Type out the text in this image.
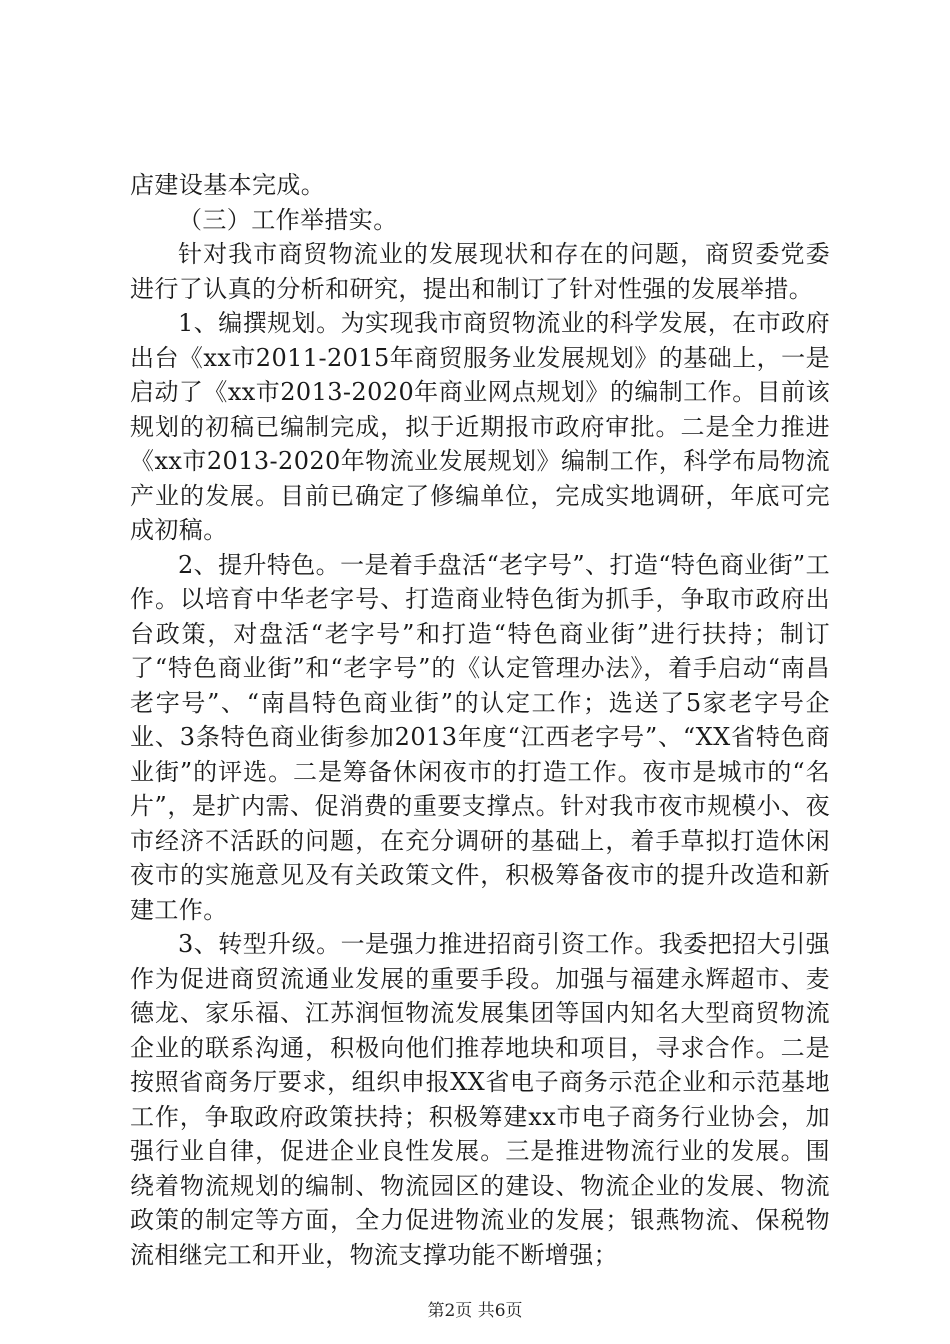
店建设基本完成。

（三）工作举措实。

针对我市商贸物流业的发展现状和存在的问题，商贸委党委进行了认真的分析和研究，提出和制订了针对性强的发展举措。

1、编撰规划。为实现我市商贸物流业的科学发展，在市政府出台《xx市2011-2015年商贸服务业发展规划》的基础上，一是启动了《xx市2013-2020年商业网点规划》的编制工作。目前该规划的初稿已编制完成，拟于近期报市政府审批。二是全力推进《xx市2013-2020年物流业发展规划》编制工作，科学布局物流产业的发展。目前已确定了修编单位，完成实地调研，年底可完成初稿。

2、提升特色。一是着手盘活“老字号”、打造“特色商业街”工作。以培育中华老字号、打造商业特色街为抓手，争取市政府出台政策，对盘活“老字号”和打造“特色商业街”进行扶持；制订了“特色商业街”和“老字号”的《认定管理办法》，着手启动“南昌老字号”、“南昌特色商业街”的认定工作；选送了5家老字号企业、3条特色商业街参加2013年度“江西老字号”、“XX省特色商业街”的评选。二是筹备休闲夜市的打造工作。夜市是城市的“名片”，是扩内需、促消费的重要支撑点。针对我市夜市规模小、夜市经济不活跃的问题，在充分调研的基础上，着手草拟打造休闲夜市的实施意见及有关政策文件，积极筹备夜市的提升改造和新建工作。

3、转型升级。一是强力推进招商引资工作。我委把招大引强作为促进商贸流通业发展的重要手段。加强与福建永辉超市、麦德龙、家乐福、江苏润恒物流发展集团等国内知名大型商贸物流企业的联系沟通，积极向他们推荐地块和项目，寻求合作。二是按照省商务厅要求，组织申报XX省电子商务示范企业和示范基地工作，争取政府政策扶持；积极筹建xx市电子商务行业协会，加强行业自律，促进企业良性发展。三是推进物流行业的发展。围绕着物流规划的编制、物流园区的建设、物流企业的发展、物流政策的制定等方面，全力促进物流业的发展；银燕物流、保税物流相继完工和开业，物流支撑功能不断增强；

第2页 共6页
